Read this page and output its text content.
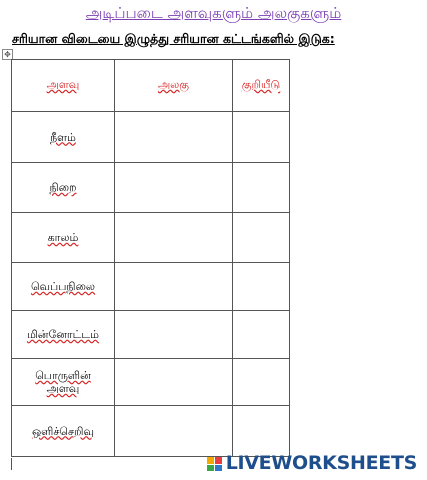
அடிப்படை அளவுகளும் அலகுகளும்
சரியான விடையை இழுத்து சரியான கட்டங்களில் இடுக:
✥
அளவு	அலகு	குறியீடு
நீளம்		
நிறை		
காலம்		
வெப்பநிலை		
மின்னோட்டம்		
பொருளின் அளவு		
ஒளிச்செறிவு		
LIVEWORKSHEETS
